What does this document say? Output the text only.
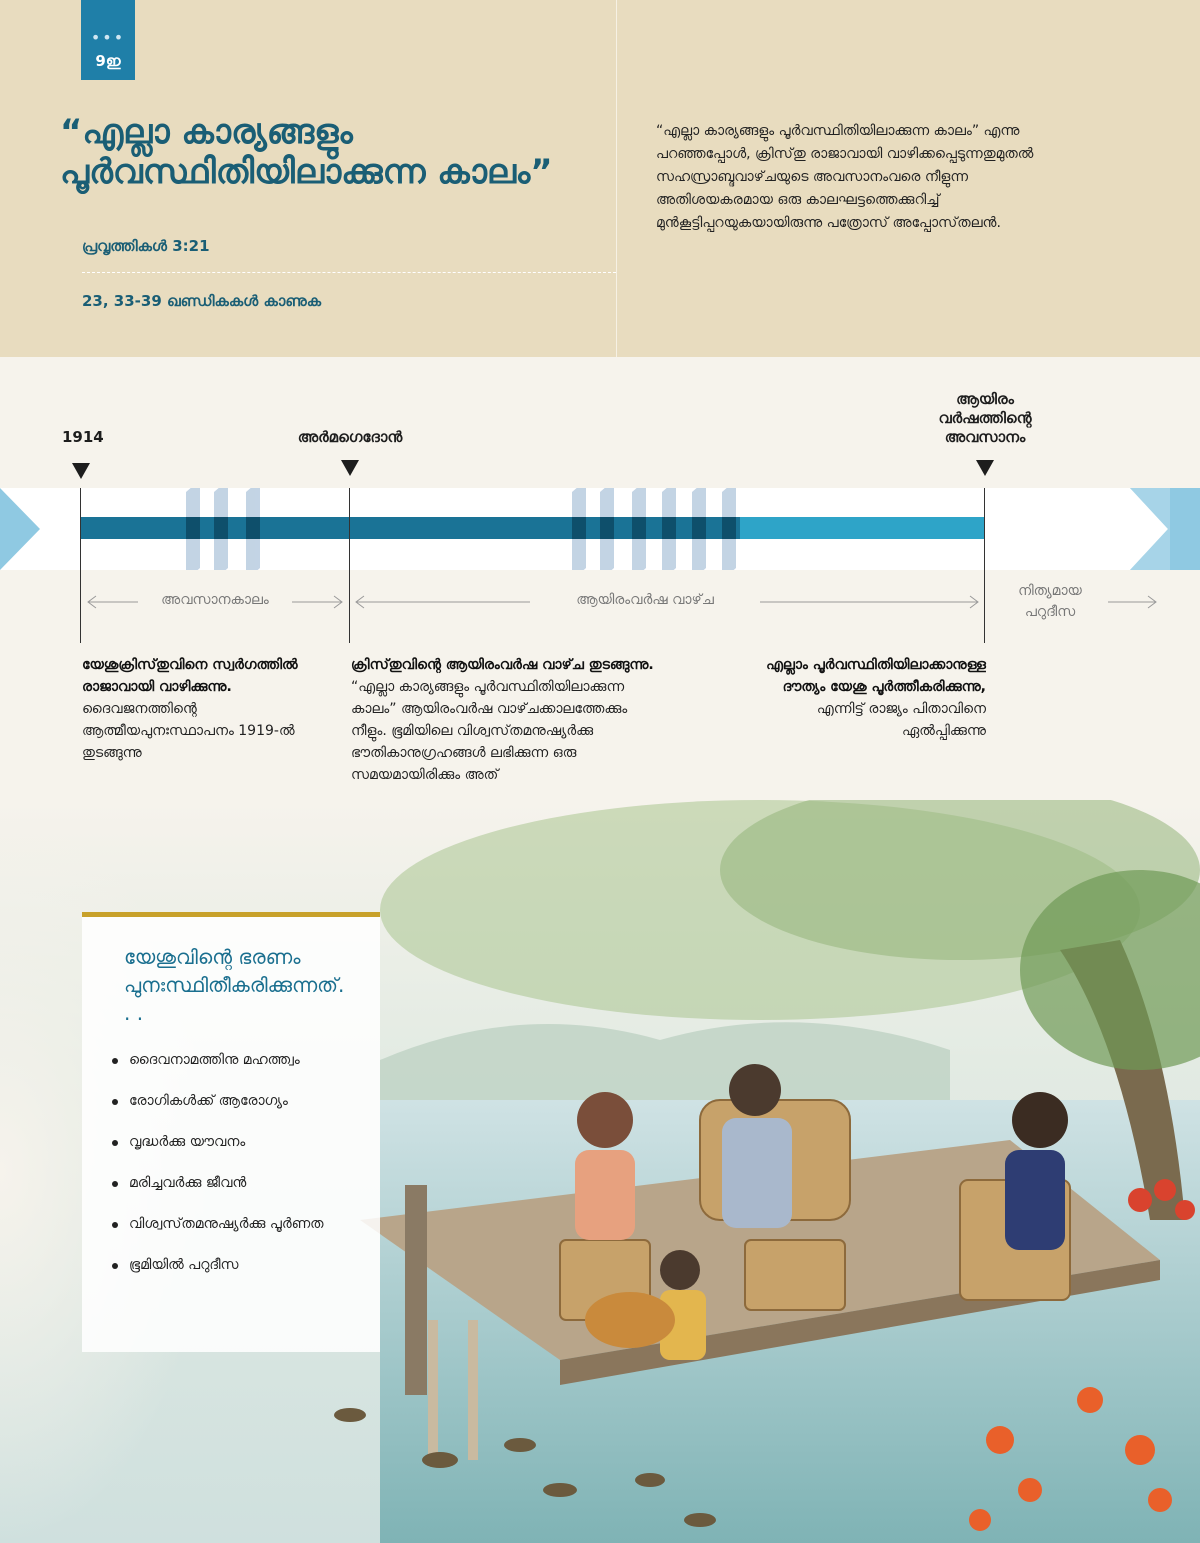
•••
9ഇ
“എല്ലാ കാര്യങ്ങളും പൂർവസ്ഥിതിയിലാക്കുന്ന കാലം”
പ്രവൃത്തികൾ 3:21
23, 33-39 ഖണ്ഡികകൾ കാണുക
“എല്ലാ കാര്യങ്ങളും പൂർവസ്ഥിതിയിലാക്കുന്ന കാലം” എന്നു പറഞ്ഞപ്പോൾ, ക്രിസ്‌തു രാജാവായി വാഴിക്കപ്പെടുന്നതുമുതൽ സഹസ്രാബ്ദവാഴ്‌ചയുടെ അവസാനംവരെ നീളുന്ന അതിശയകരമായ ഒരു കാലഘട്ടത്തെക്കുറിച്ച്‌ മുൻകൂട്ടിപ്പറയുകയായിരുന്നു പത്രോസ്‌ അപ്പോസ്‌തലൻ.
1914	അർമഗെദോൻ
ആയിരം വർഷത്തിന്റെ അവസാനം
അവസാനകാലം	ആയിരംവർഷ വാഴ്‌ച
നിത്യമായ പറുദീസ
യേശുക്രിസ്‌തുവിനെ സ്വർഗത്തിൽ രാജാവായി വാഴിക്കുന്നു. ദൈവജനത്തിന്റെ ആത്മീയപുനഃസ്ഥാപനം 1919-ൽ തുടങ്ങുന്നു
ക്രിസ്‌തുവിന്റെ ആയിരംവർഷ വാഴ്‌ച തുടങ്ങുന്നു. “എല്ലാ കാര്യങ്ങളും പൂർവസ്ഥിതിയിലാക്കുന്ന കാലം” ആയിരംവർഷ വാഴ്‌ചക്കാലത്തേക്കും നീളും. ഭൂമിയിലെ വിശ്വസ്‌തമനുഷ്യർക്കു ഭൗതികാനുഗ്രഹങ്ങൾ ലഭിക്കുന്ന ഒരു സമയമായിരിക്കും അത്‌
എല്ലാം പൂർവസ്ഥിതിയിലാക്കാനുള്ള ദൗത്യം യേശു പൂർത്തീകരിക്കുന്നു, എന്നിട്ട്‌ രാജ്യം പിതാവിനെ ഏൽപ്പിക്കുന്നു
യേശുവിന്റെ ഭരണം പുനഃസ്ഥിതീകരിക്കുന്നത്‌. . .
ദൈവനാമത്തിനു മഹത്ത്വം
രോഗികൾക്ക്‌ ആരോഗ്യം
വൃദ്ധർക്കു യൗവനം
മരിച്ചവർക്കു ജീവൻ
വിശ്വസ്‌തമനുഷ്യർക്കു പൂർണത
ഭൂമിയിൽ പറുദീസ
